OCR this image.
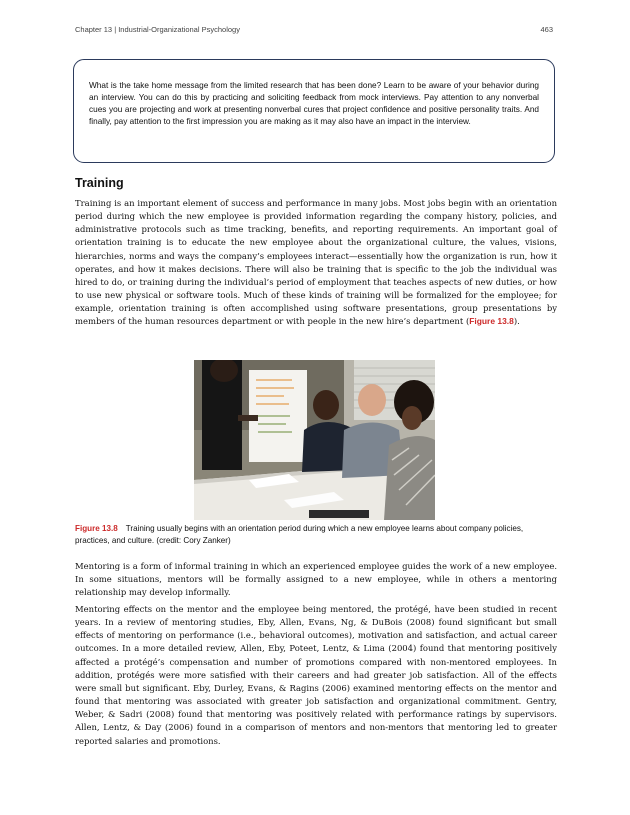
Chapter 13 | Industrial-Organizational Psychology	463

What is the take home message from the limited research that has been done? Learn to be aware of your behavior during an interview. You can do this by practicing and soliciting feedback from mock interviews. Pay attention to any nonverbal cues you are projecting and work at presenting nonverbal cures that project confidence and positive personality traits. And finally, pay attention to the first impression you are making as it may also have an impact in the interview.

Training

Training is an important element of success and performance in many jobs. Most jobs begin with an orientation period during which the new employee is provided information regarding the company history, policies, and administrative protocols such as time tracking, benefits, and reporting requirements. An important goal of orientation training is to educate the new employee about the organizational culture, the values, visions, hierarchies, norms and ways the company’s employees interact—essentially how the organization is run, how it operates, and how it makes decisions. There will also be training that is specific to the job the individual was hired to do, or training during the individual’s period of employment that teaches aspects of new duties, or how to use new physical or software tools. Much of these kinds of training will be formalized for the employee; for example, orientation training is often accomplished using software presentations, group presentations by members of the human resources department or with people in the new hire’s department (Figure 13.8).

Figure 13.8 Training usually begins with an orientation period during which a new employee learns about company policies, practices, and culture. (credit: Cory Zanker)

Mentoring is a form of informal training in which an experienced employee guides the work of a new employee. In some situations, mentors will be formally assigned to a new employee, while in others a mentoring relationship may develop informally.

Mentoring effects on the mentor and the employee being mentored, the protégé, have been studied in recent years. In a review of mentoring studies, Eby, Allen, Evans, Ng, & DuBois (2008) found significant but small effects of mentoring on performance (i.e., behavioral outcomes), motivation and satisfaction, and actual career outcomes. In a more detailed review, Allen, Eby, Poteet, Lentz, & Lima (2004) found that mentoring positively affected a protégé’s compensation and number of promotions compared with non-mentored employees. In addition, protégés were more satisfied with their careers and had greater job satisfaction. All of the effects were small but significant. Eby, Durley, Evans, & Ragins (2006) examined mentoring effects on the mentor and found that mentoring was associated with greater job satisfaction and organizational commitment. Gentry, Weber, & Sadri (2008) found that mentoring was positively related with performance ratings by supervisors. Allen, Lentz, & Day (2006) found in a comparison of mentors and non-mentors that mentoring led to greater reported salaries and promotions.
